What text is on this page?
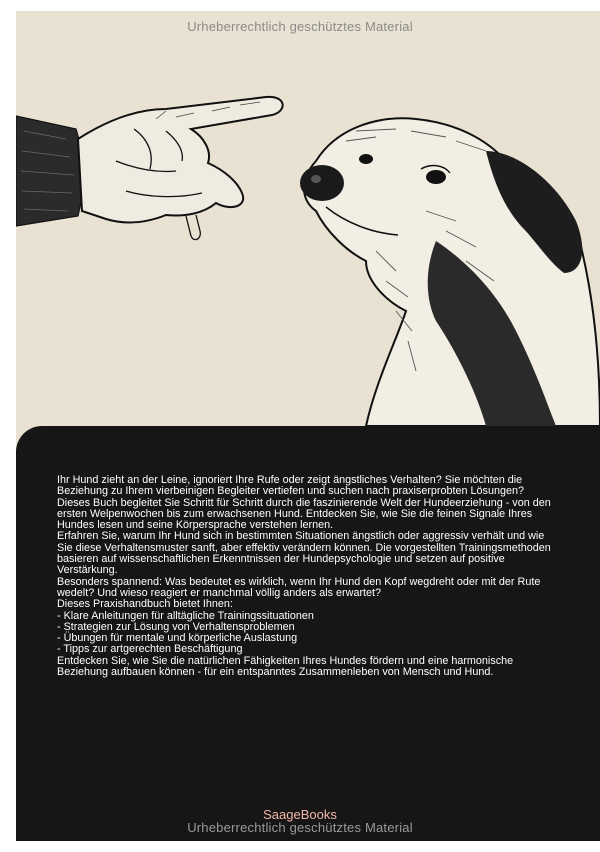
Urheberrechtlich geschütztes Material

Ihr Hund zieht an der Leine, ignoriert Ihre Rufe oder zeigt ängstliches Verhalten? Sie möchten die

Beziehung zu Ihrem vierbeinigen Begleiter vertiefen und suchen nach praxiserprobten Lösungen?

Dieses Buch begleitet Sie Schritt für Schritt durch die faszinierende Welt der Hundeerziehung - von den

ersten Welpenwochen bis zum erwachsenen Hund. Entdecken Sie, wie Sie die feinen Signale Ihres

Hundes lesen und seine Körpersprache verstehen lernen.

Erfahren Sie, warum Ihr Hund sich in bestimmten Situationen ängstlich oder aggressiv verhält und wie

Sie diese Verhaltensmuster sanft, aber effektiv verändern können. Die vorgestellten Trainingsmethoden

basieren auf wissenschaftlichen Erkenntnissen der Hundepsychologie und setzen auf positive

Verstärkung.

Besonders spannend: Was bedeutet es wirklich, wenn Ihr Hund den Kopf wegdreht oder mit der Rute

wedelt? Und wieso reagiert er manchmal völlig anders als erwartet?

Dieses Praxishandbuch bietet Ihnen:

- Klare Anleitungen für alltägliche Trainingssituationen

- Strategien zur Lösung von Verhaltensproblemen

- Übungen für mentale und körperliche Auslastung

- Tipps zur artgerechten Beschäftigung

Entdecken Sie, wie Sie die natürlichen Fähigkeiten Ihres Hundes fördern und eine harmonische

Beziehung aufbauen können - für ein entspanntes Zusammenleben von Mensch und Hund.

SaageBooks
Urheberrechtlich geschütztes Material
